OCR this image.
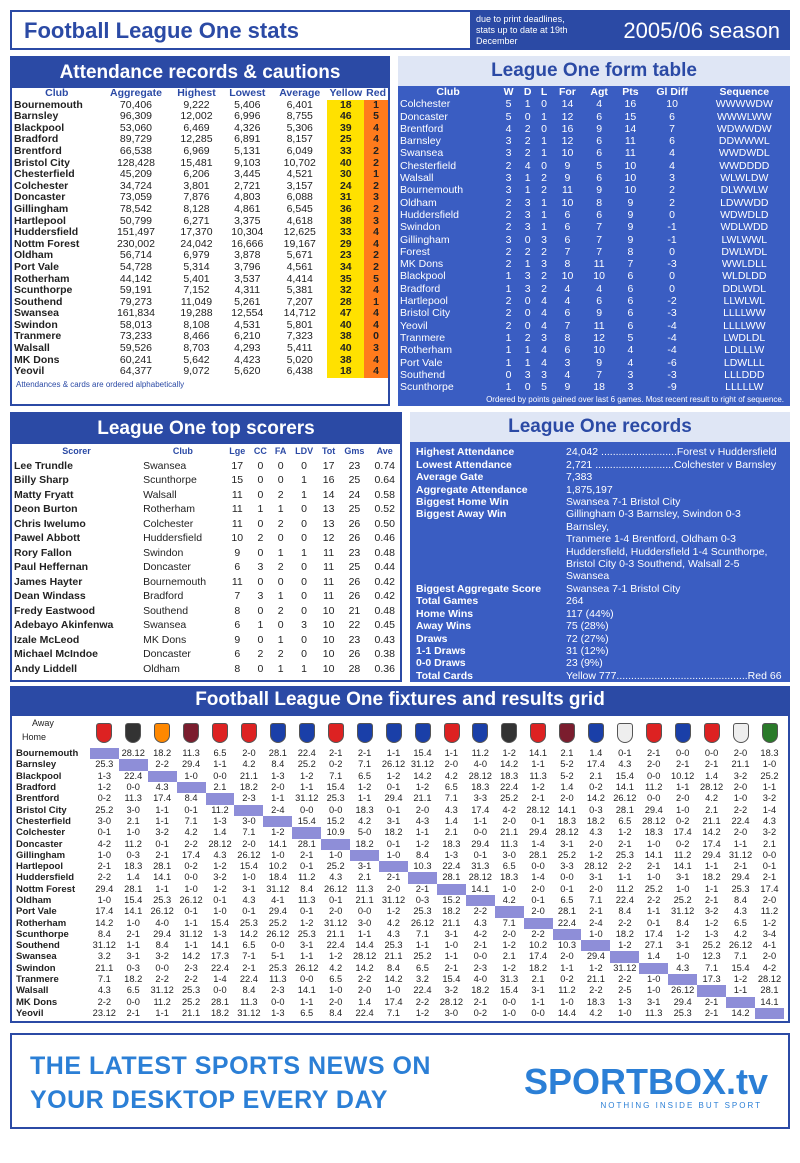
Football League One stats	due to print deadlines, stats up to date at 19th December	2005/06 season
Attendance records & cautions
Club	Aggregate	Highest	Lowest	Average	Yellow	Red
Bournemouth	70,406	9,222	5,406	6,401	18	1
Barnsley	96,309	12,002	6,996	8,755	46	5
Blackpool	53,060	6,469	4,326	5,306	39	4
Bradford	89,729	12,285	6,891	8,157	25	4
Brentford	66,538	6,969	5,131	6,049	33	2
Bristol City	128,428	15,481	9,103	10,702	40	2
Chesterfield	45,209	6,206	3,445	4,521	30	1
Colchester	34,724	3,801	2,721	3,157	24	2
Doncaster	73,059	7,876	4,803	6,088	31	3
Gillingham	78,542	8,128	4,861	6,545	36	2
Hartlepool	50,799	6,271	3,375	4,618	38	3
Huddersfield	151,497	17,370	10,304	12,625	33	4
Nottm Forest	230,002	24,042	16,666	19,167	29	4
Oldham	56,714	6,979	3,878	5,671	23	2
Port Vale	54,728	5,314	3,796	4,561	34	2
Rotherham	44,142	5,401	3,537	4,414	35	5
Scunthorpe	59,191	7,152	4,311	5,381	32	4
Southend	79,273	11,049	5,261	7,207	28	1
Swansea	161,834	19,288	12,554	14,712	47	4
Swindon	58,013	8,108	4,531	5,801	40	4
Tranmere	73,233	8,466	6,210	7,323	38	0
Walsall	59,526	8,703	4,293	5,411	40	3
MK Dons	60,241	5,642	4,423	5,020	38	4
Yeovil	64,377	9,072	5,620	6,438	18	4
Attendances & cards are ordered alphabetically
League One form table
Club	W	D	L	For	Agt	Pts	Gl Diff	Sequence
Colchester	5	1	0	14	4	16	10	WWWWDW
Doncaster	5	0	1	12	6	15	6	WWWLWW
Brentford	4	2	0	16	9	14	7	WDWWDW
Barnsley	3	2	1	12	6	11	6	DDWWWL
Swansea	3	2	1	10	6	11	4	WWDWDL
Chesterfield	2	4	0	9	5	10	4	WWDDDD
Walsall	3	1	2	9	6	10	3	WLWLDW
Bournemouth	3	1	2	11	9	10	2	DLWWLW
Oldham	2	3	1	10	8	9	2	LDWWDD
Huddersfield	2	3	1	6	6	9	0	WDWDLD
Swindon	2	3	1	6	7	9	-1	WDLWDD
Gillingham	3	0	3	6	7	9	-1	LWLWWL
Forest	2	2	2	7	7	8	0	DWLWDL
MK Dons	2	1	3	8	11	7	-3	WWLDLL
Blackpool	1	3	2	10	10	6	0	WLDLDD
Bradford	1	3	2	4	4	6	0	DDLWDL
Hartlepool	2	0	4	4	6	6	-2	LLWLWL
Bristol City	2	0	4	6	9	6	-3	LLLLWW
Yeovil	2	0	4	7	11	6	-4	LLLLWW
Tranmere	1	2	3	8	12	5	-4	LWDLDL
Rotherham	1	1	4	6	10	4	-4	LDLLLW
Port Vale	1	1	4	3	9	4	-6	LDWLLL
Southend	0	3	3	4	7	3	-3	LLLDDD
Scunthorpe	1	0	5	9	18	3	-9	LLLLLW
Ordered by points gained over last 6 games. Most recent result to right of sequence.
League One top scorers
Scorer	Club	Lge	CC	FA	LDV	Tot	Gms	Ave
Lee Trundle	Swansea	17	0	0	0	17	23	0.74
Billy Sharp	Scunthorpe	15	0	0	1	16	25	0.64
Matty Fryatt	Walsall	11	0	2	1	14	24	0.58
Deon Burton	Rotherham	11	1	1	0	13	25	0.52
Chris Iwelumo	Colchester	11	0	2	0	13	26	0.50
Pawel Abbott	Huddersfield	10	2	0	0	12	26	0.46
Rory Fallon	Swindon	9	0	1	1	11	23	0.48
Paul Heffernan	Doncaster	6	3	2	0	11	25	0.44
James Hayter	Bournemouth	11	0	0	0	11	26	0.42
Dean Windass	Bradford	7	3	1	0	11	26	0.42
Fredy Eastwood	Southend	8	0	2	0	10	21	0.48
Adebayo Akinfenwa	Swansea	6	1	0	3	10	22	0.45
Izale McLeod	MK Dons	9	0	1	0	10	23	0.43
Michael McIndoe	Doncaster	6	2	2	0	10	26	0.38
Andy Liddell	Oldham	8	0	1	1	10	28	0.36
League One records
Highest Attendance	24,042 ..........................Forest v Huddersfield
Lowest Attendance	2,721 ...........................Colchester v Barnsley
Average Gate	7,383
Aggregate Attendance	1,875,197
Biggest Home Win	Swansea 7-1 Bristol City
Biggest Away Win	Gillingham 0-3 Barnsley, Swindon 0-3 Barnsley,
Tranmere 1-4 Brentford, Oldham 0-3
Huddersfield, Huddersfield 1-4 Scunthorpe,
Bristol City 0-3 Southend, Walsall 2-5 Swansea
Biggest Aggregate Score	Swansea 7-1 Bristol City
Total Games	264
Home Wins	117 (44%)
Away Wins	75 (28%)
Draws	72 (27%)
1-1 Draws	31 (12%)
0-0 Draws	23 (9%)
Total Cards	Yellow 777.............................................Red 66
Football League One fixtures and results grid
Away
Home
Bournemouth		28.12	18.2	11.3	6.5	2-0	28.1	22.4	2-1	2-1	1-1	15.4	1-1	11.2	1-2	14.1	2.1	1.4	0-1	2-1	0-0	0-0	2-0	18.3
Barnsley	25.3		2-2	29.4	1-1	4.2	8.4	25.2	0-2	7.1	26.12	31.12	2-0	4-0	14.2	1-1	5-2	17.4	4.3	2-0	2-1	2-1	21.1	1-0
Blackpool	1-3	22.4		1-0	0-0	21.1	1-3	1-2	7.1	6.5	1-2	14.2	4.2	28.12	18.3	11.3	5-2	2.1	15.4	0-0	10.12	1.4	3-2	25.2
Bradford	1-2	0-0	4.3		2.1	18.2	2-0	1-1	15.4	1-2	0-1	1-2	6.5	18.3	22.4	1-2	1.4	0-2	14.1	11.2	1-1	28.12	2-0	1-1
Brentford	0-2	11.3	17.4	8.4		2-3	1-1	31.12	25.3	1-1	29.4	21.1	7.1	3-3	25.2	2-1	2-0	14.2	26.12	0-0	2-0	4.2	1-0	3-2
Bristol City	25.2	3-0	1-1	0-1	11.2		2-4	0-0	0-0	18.3	0-1	2-0	4.3	17.4	4-2	28.12	14.1	0-3	28.1	29.4	1-0	2.1	2-2	1-4
Chesterfield	3-0	2.1	1-1	7.1	1-3	3-0		15.4	15.2	4.2	3-1	4-3	1.4	1-1	2-0	0-1	18.3	18.2	6.5	28.12	0-2	21.1	22.4	4.3
Colchester	0-1	1-0	3-2	4.2	1.4	7.1	1-2		10.9	5-0	18.2	1-1	2.1	0-0	21.1	29.4	28.12	4.3	1-2	18.3	17.4	14.2	2-0	3-2
Doncaster	4-2	11.2	0-1	2-2	28.12	2-0	14.1	28.1		18.2	0-1	1-2	18.3	29.4	11.3	1-4	3-1	2-0	2-1	1-0	0-2	17.4	1-1	2.1
Gillingham	1-0	0-3	2-1	17.4	4.3	26.12	1-0	2-1	1-0		1-0	8.4	1-3	0-1	3-0	28.1	25.2	1-2	25.3	14.1	11.2	29.4	31.12	0-0
Hartlepool	2-1	18.3	28.1	0-2	1-2	15.4	10.2	0-1	25.2	3-1		10.3	22.4	31.3	6.5	0-0	3-3	28.12	2-2	2-1	14.1	1-1	2-1	0-1
Huddersfield	2-2	1.4	14.1	0-0	3-2	1-0	18.4	11.2	4.3	2.1	2-1		28.1	28.12	18.3	1-4	0-0	3-1	1-1	1-0	3-1	18.2	29.4	2-1
Nottm Forest	29.4	28.1	1-1	1-0	1-2	3-1	31.12	8.4	26.12	11.3	2-0	2-1		14.1	1-0	2-0	0-1	2-0	11.2	25.2	1-0	1-1	25.3	17.4
Oldham	1-0	15.4	25.3	26.12	0-1	4.3	4-1	11.3	0-1	21.1	31.12	0-3	15.2		4.2	0-1	6.5	7.1	22.4	2-2	25.2	2-1	8.4	2-0
Port Vale	17.4	14.1	26.12	0-1	1-0	0-1	29.4	0-1	2-0	0-0	1-2	25.3	18.2	2-2		2-0	28.1	2-1	8.4	1-1	31.12	3-2	4.3	11.2
Rotherham	14.2	1-0	4-0	1-1	15.4	25.3	25.2	1-2	31.12	3-0	4.2	26.12	21.1	4.3	7.1		22.4	2-4	2-2	0-1	8.4	1-2	6.5	1-2
Scunthorpe	8.4	2-1	29.4	31.12	1-3	14.2	26.12	25.3	21.1	1-1	4.3	7.1	3-1	4-2	2-0	2-2		1-0	18.2	17.4	1-2	1-3	4.2	3-4
Southend	31.12	1-1	8.4	1-1	14.1	6.5	0-0	3-1	22.4	14.4	25.3	1-1	1-0	2-1	1-2	10.2	10.3		1-2	27.1	3-1	25.2	26.12	4-1
Swansea	3.2	3-1	3-2	14.2	17.3	7-1	5-1	1-1	1-2	28.12	21.1	25.2	1-1	0-0	2.1	17.4	2-0	29.4		1.4	1-0	12.3	7.1	2-0
Swindon	21.1	0-3	0-0	2-3	22.4	2-1	25.3	26.12	4.2	14.2	8.4	6.5	2-1	2-3	1-2	18.2	1-1	1-2	31.12		4.3	7.1	15.4	4-2
Tranmere	7.1	18.2	2-2	2-2	1-4	22.4	11.3	0-0	6.5	2-2	14.2	3.2	15.4	4-0	31.3	2.1	0-2	21.1	2-2	1-0		17.3	1-2	28.12
Walsall	4.3	6.5	31.12	25.3	0-0	8.4	2-3	14.1	1-0	2-0	1-0	22.4	3-2	18.2	15.4	3-1	11.2	2-2	2-5	1-0	26.12		1-1	28.1
MK Dons	2-2	0-0	11.2	25.2	28.1	11.3	0-0	1-1	2-0	1.4	17.4	2-2	28.12	2-1	0-0	1-1	1-0	18.3	1-3	3-1	29.4	2-1		14.1
Yeovil	23.12	2-1	1-1	21.1	18.2	31.12	1-3	6.5	8.4	22.4	7.1	1-2	3-0	0-2	1-0	0-0	14.4	4.2	1-0	11.3	25.3	2-1	14.2	
THE LATEST SPORTS NEWS ON
YOUR DESKTOP EVERY DAY	SPORTBOX.tv
NOTHING INSIDE BUT SPORT
